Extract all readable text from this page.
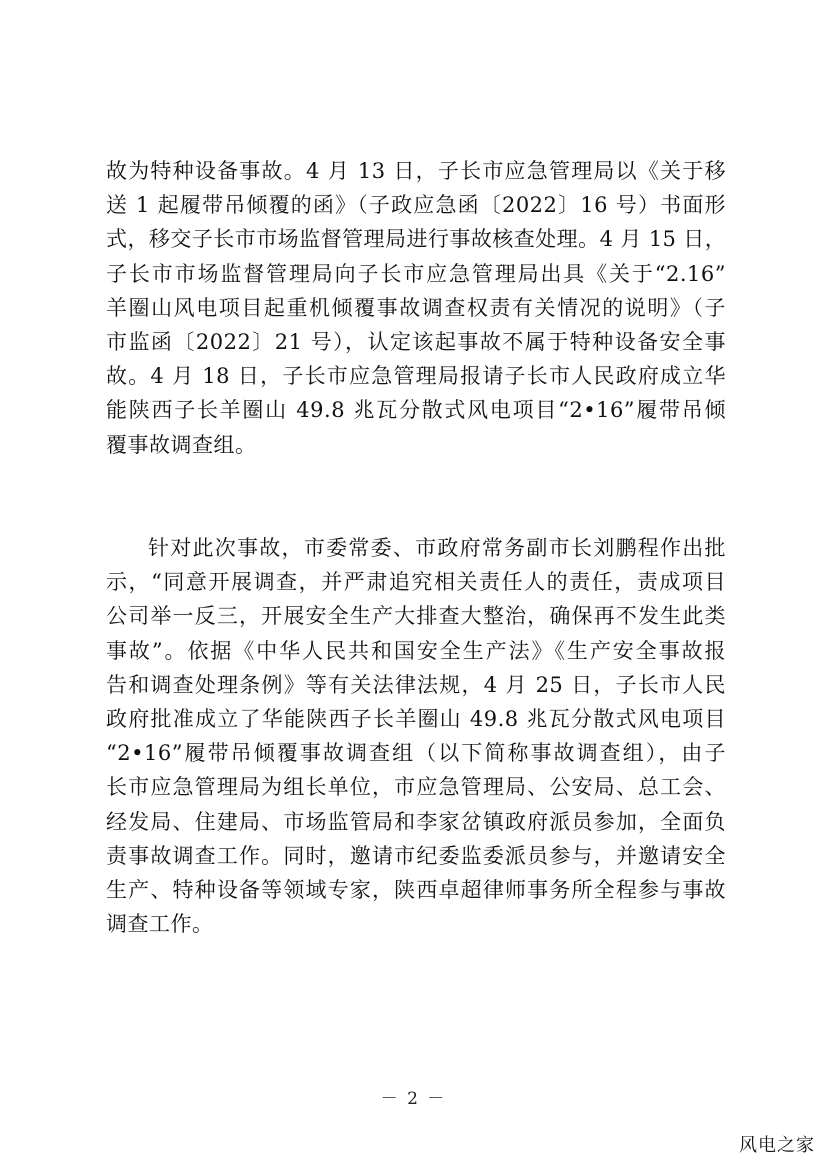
故为特种设备事故。4 月 13 日，子长市应急管理局以《关于移
送 1 起履带吊倾覆的函》（子政应急函〔2022〕16 号）书面形
式，移交子长市市场监督管理局进行事故核查处理。4 月 15 日，
子长市市场监督管理局向子长市应急管理局出具《关于“2.16”
羊圈山风电项目起重机倾覆事故调查权责有关情况的说明》（子
市监函〔2022〕21 号），认定该起事故不属于特种设备安全事
故。4 月 18 日，子长市应急管理局报请子长市人民政府成立华
能陕西子长羊圈山 49.8 兆瓦分散式风电项目“2•16”履带吊倾
覆事故调查组。
针对此次事故，市委常委、市政府常务副市长刘鹏程作出批
示，“同意开展调查，并严肃追究相关责任人的责任，责成项目
公司举一反三，开展安全生产大排查大整治，确保再不发生此类
事故”。依据《中华人民共和国安全生产法》《生产安全事故报
告和调查处理条例》等有关法律法规，4 月 25 日，子长市人民
政府批准成立了华能陕西子长羊圈山 49.8 兆瓦分散式风电项目
“2•16”履带吊倾覆事故调查组（以下简称事故调查组），由子
长市应急管理局为组长单位，市应急管理局、公安局、总工会、
经发局、住建局、市场监管局和李家岔镇政府派员参加，全面负
责事故调查工作。同时，邀请市纪委监委派员参与，并邀请安全
生产、特种设备等领域专家，陕西卓超律师事务所全程参与事故
调查工作。
－ 2 －
风电之家
